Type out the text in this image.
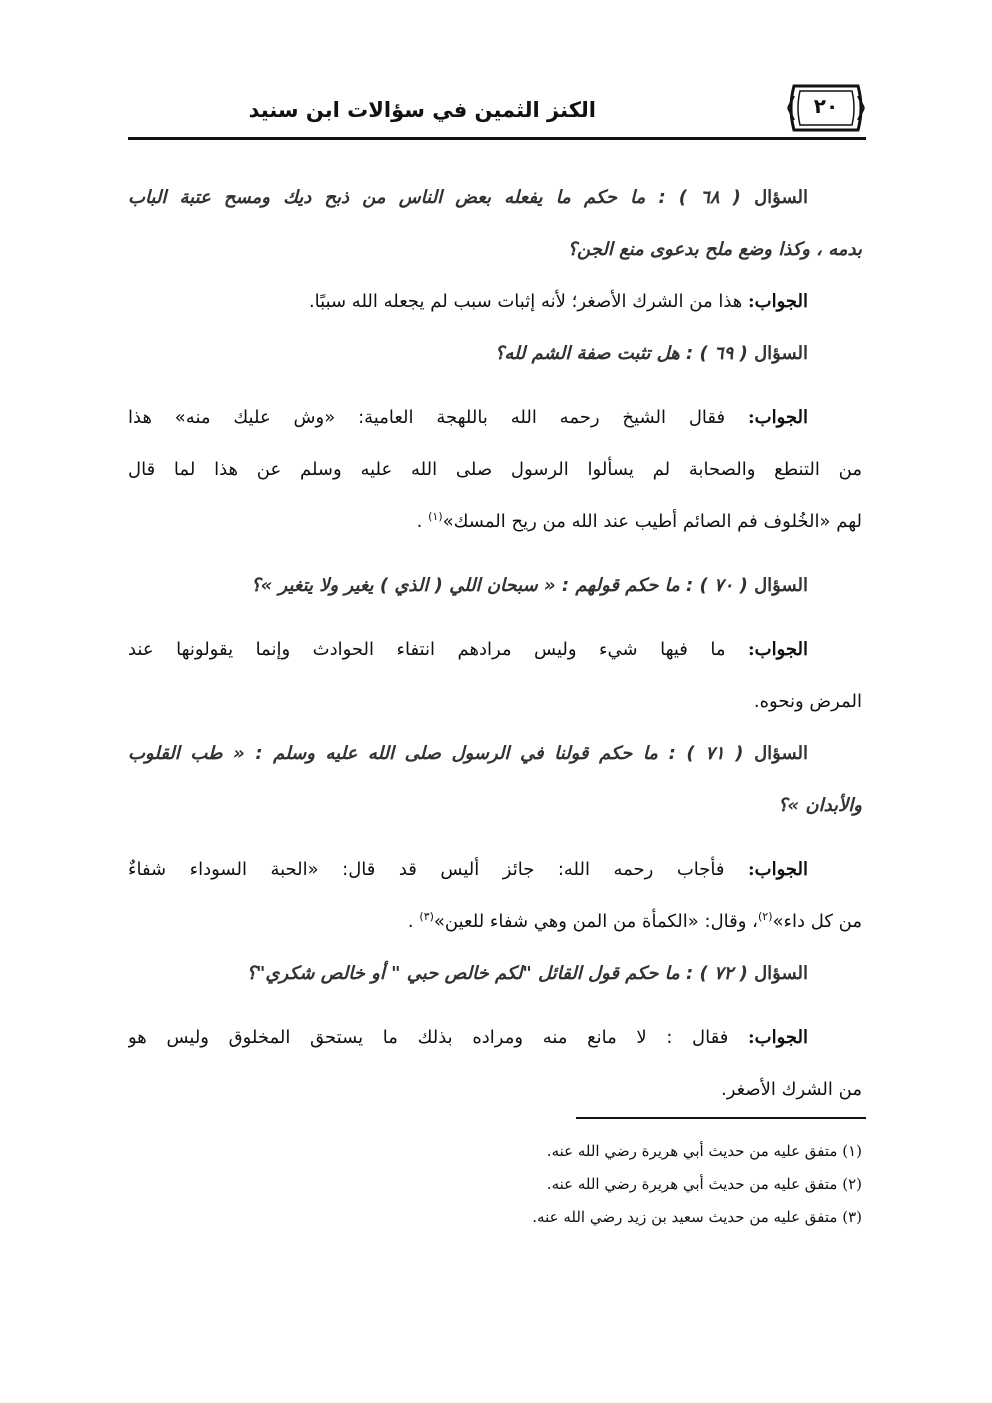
٢٠
الكنز الثمين في سؤالات ابن سنيد
السؤال ( ٦٨ ) : ما حكم ما يفعله بعض الناس من ذبح ديك ومسح عتبة الباب
بدمه ، وكذا وضع ملح بدعوى منع الجن؟
الجواب: هذا من الشرك الأصغر؛ لأنه إثبات سبب لم يجعله الله سببًا.
السؤال ( ٦٩ ) : هل تثبت صفة الشم لله؟
الجواب: فقال الشيخ رحمه الله باللهجة العامية: «وش عليك منه» هذا
من التنطع والصحابة لم يسألوا الرسول صلى الله عليه وسلم عن هذا لما قال
لهم «الخُلوف فم الصائم أطيب عند الله من ريح المسك»$^{(١)}$ .
السؤال ( ٧٠ ) : ما حكم قولهم : « سبحان اللي ( الذي ) يغير ولا يتغير »؟
الجواب: ما فيها شيء وليس مرادهم انتفاء الحوادث وإنما يقولونها عند
المرض ونحوه.
السؤال ( ٧١ ) : ما حكم قولنا في الرسول صلى الله عليه وسلم : « طب القلوب
والأبدان »؟
الجواب: فأجاب رحمه الله: جائز أليس قد قال: «الحبة السوداء شفاءٌ
من كل داء»$^{(٢)}$، وقال: «الكمأة من المن وهي شفاء للعين»$^{(٣)}$ .
السؤال ( ٧٢ ) : ما حكم قول القائل "لكم خالص حبي " أو خالص شكري"؟
الجواب: فقال : لا مانع منه ومراده بذلك ما يستحق المخلوق وليس هو
من الشرك الأصغر.
(١) متفق عليه من حديث أبي هريرة رضي الله عنه.
(٢) متفق عليه من حديث أبي هريرة رضي الله عنه.
(٣) متفق عليه من حديث سعيد بن زيد رضي الله عنه.
